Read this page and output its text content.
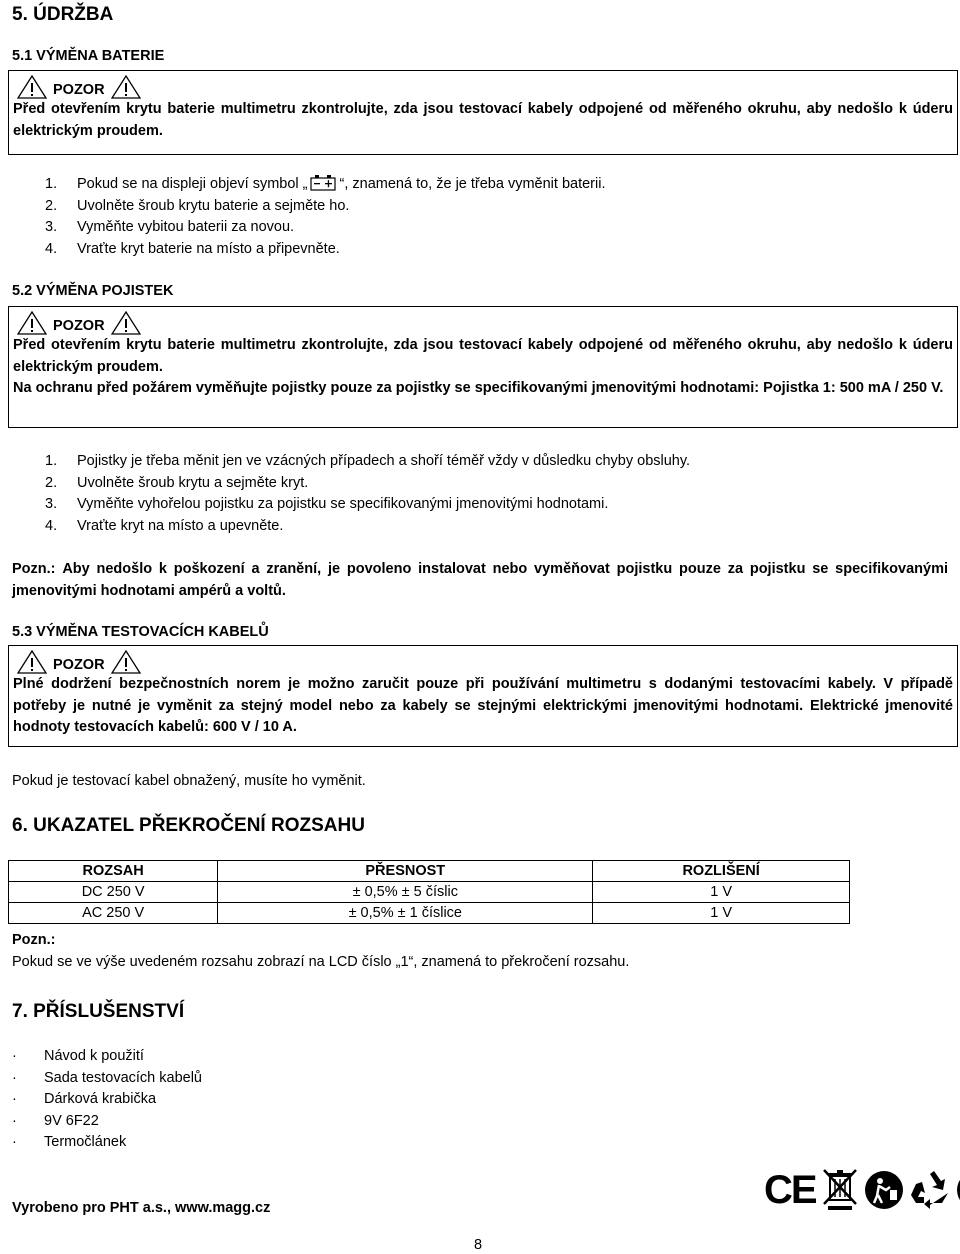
5. ÚDRŽBA
5.1 VÝMĚNA BATERIE
POZOR
Před otevřením krytu baterie multimetru zkontrolujte, zda jsou testovací kabely odpojené od měřeného okruhu, aby nedošlo k úderu elektrickým proudem.
1.	Pokud se na displeji objeví symbol „ “, znamená to, že je třeba vyměnit baterii.
2.	Uvolněte šroub krytu baterie a sejměte ho.
3.	Vyměňte vybitou baterii za novou.
4.	Vraťte kryt baterie na místo a připevněte.
5.2 VÝMĚNA POJISTEK
POZOR
Před otevřením krytu baterie multimetru zkontrolujte, zda jsou testovací kabely odpojené od měřeného okruhu, aby nedošlo k úderu elektrickým proudem.
Na ochranu před požárem vyměňujte pojistky pouze za pojistky se specifikovanými jmenovitými hodnotami: Pojistka 1: 500 mA / 250 V.
1.	Pojistky je třeba měnit jen ve vzácných případech a shoří téměř vždy v důsledku chyby obsluhy.
2.	Uvolněte šroub krytu a sejměte kryt.
3.	Vyměňte vyhořelou pojistku za pojistku se specifikovanými jmenovitými hodnotami.
4.	Vraťte kryt na místo a upevněte.
Pozn.: Aby nedošlo k poškození a zranění, je povoleno instalovat nebo vyměňovat pojistku pouze za pojistku se specifikovanými jmenovitými hodnotami ampérů a voltů.
5.3 VÝMĚNA TESTOVACÍCH KABELŮ
POZOR
Plné dodržení bezpečnostních norem je možno zaručit pouze při používání multimetru s dodanými testovacími kabely. V případě potřeby je nutné je vyměnit za stejný model nebo za kabely se stejnými elektrickými jmenovitými hodnotami. Elektrické jmenovité hodnoty testovacích kabelů: 600 V / 10 A.
Pokud je testovací kabel obnažený, musíte ho vyměnit.
6. UKAZATEL PŘEKROČENÍ ROZSAHU
ROZSAH	PŘESNOST	ROZLIŠENÍ
DC 250 V	± 0,5% ± 5 číslic	1 V
AC 250 V	± 0,5% ± 1 číslice	1 V
Pozn.:
Pokud se ve výše uvedeném rozsahu zobrazí na LCD číslo „1“, znamená to překročení rozsahu.
7. PŘÍSLUŠENSTVÍ
·	Návod k použití
·	Sada testovacích kabelů
·	Dárková krabička
·	9V 6F22
·	Termočlánek
Vyrobeno pro PHT a.s., www.magg.cz	CE
8
